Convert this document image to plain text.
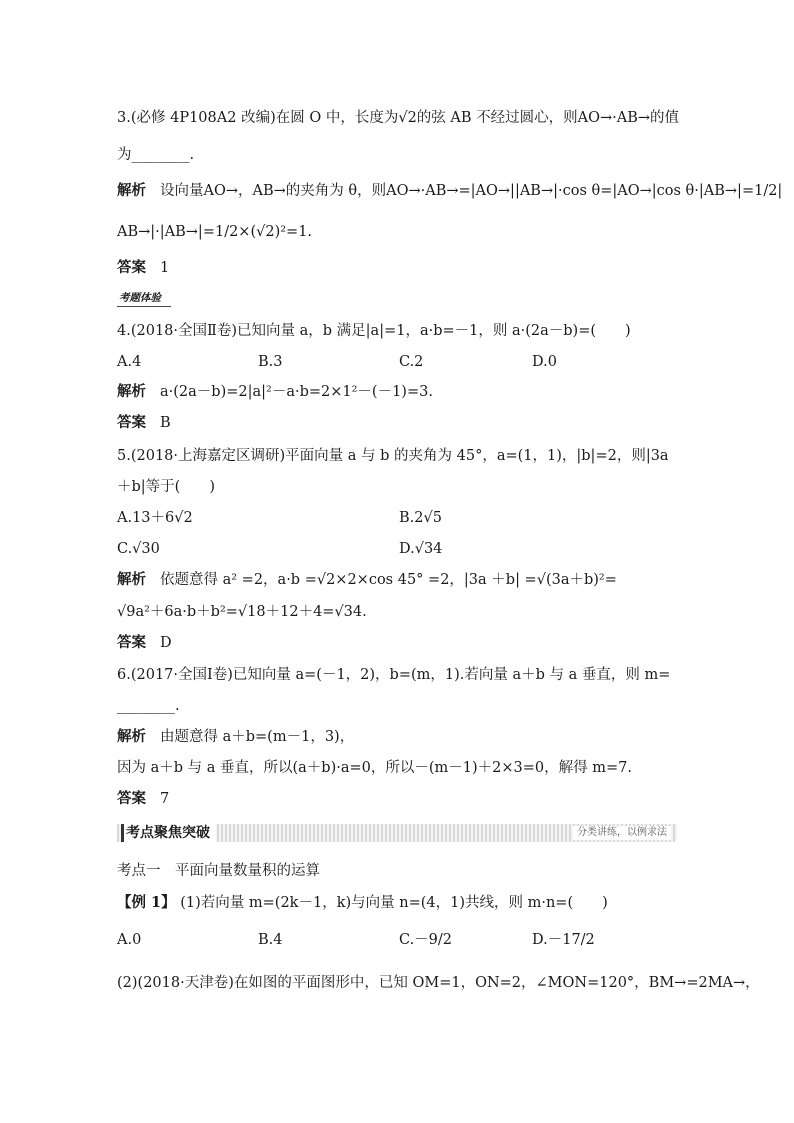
3.(必修 4P108A2 改编)在圆 O 中，长度为√2的弦 AB 不经过圆心，则AO→·AB→的值
为________.
解析 设向量AO→，AB→的夹角为 θ，则AO→·AB→=|AO→||AB→|·cos θ=|AO→|cos θ·|AB→|=1/2|
AB→|·|AB→|=1/2×(√2)²=1.
答案 1
考题体验
4.(2018·全国Ⅱ卷)已知向量 a，b 满足|a|=1，a·b=－1，则 a·(2a－b)=(　　)
A.4	B.3	C.2	D.0
解析 a·(2a－b)=2|a|²－a·b=2×1²－(－1)=3.
答案 B
5.(2018·上海嘉定区调研)平面向量 a 与 b 的夹角为 45°，a=(1，1)，|b|=2，则|3a
＋b|等于(　　)
A.13＋6√2	B.2√5
C.√30	D.√34
解析 依题意得 a² =2，a·b =√2×2×cos 45° =2，|3a ＋b| =√(3a＋b)²=
√9a²＋6a·b＋b²=√18＋12＋4=√34.
答案 D
6.(2017·全国Ⅰ卷)已知向量 a=(－1，2)，b=(m，1).若向量 a＋b 与 a 垂直，则 m=
________.
解析 由题意得 a＋b=(m－1，3)，
因为 a＋b 与 a 垂直，所以(a＋b)·a=0，所以－(m－1)＋2×3=0，解得 m=7.
答案 7
考点聚焦突破	分类讲练，以例求法
考点一　平面向量数量积的运算
【例 1】 (1)若向量 m=(2k－1，k)与向量 n=(4，1)共线，则 m·n=(　　)
A.0	B.4	C.－9/2	D.－17/2
(2)(2018·天津卷)在如图的平面图形中，已知 OM=1，ON=2，∠MON=120°，BM→=2MA→，
